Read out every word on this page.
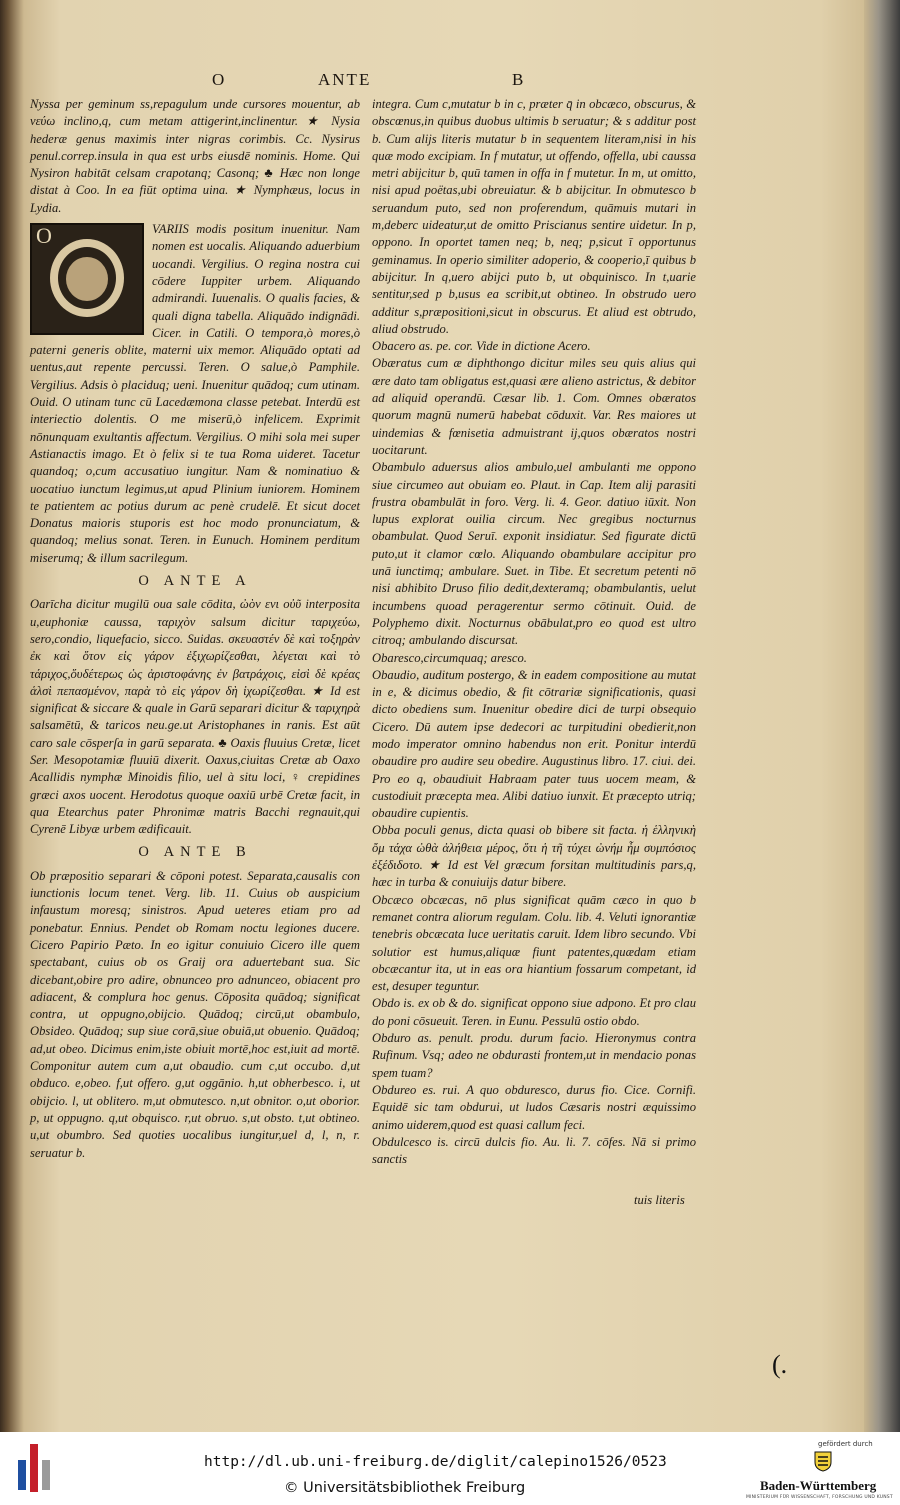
O	ANTE	B

Nyssa per geminum ss,repagulum unde cursores mouentur, ab νεύω inclino,q, cum metam attigerint,inclinentur. ★ Nysia hederæ genus maximis inter nigras corimbis. Cc. Nysirus penul.correp.insula in qua est urbs eiusdē nominis. Home. Qui Nysiron habitāt celsam crapotanq; Casonq; ♣ Hæc non longe distat à Coo. In ea fiūt optima uina. ★ Nymphæus, locus in Lydia.

O	VARIIS modis positum inuenitur. Nam nomen est uocalis. Aliquando aduerbium uocandi. Vergilius. O regina nostra cui cōdere Iuppiter urbem. Aliquando admirandi. Iuuenalis. O qualis facies, & quali digna tabella. Aliquādo indignādi. Cicer. in Catili. O tempora,ò mores,ò paterni generis oblite, materni uix memor. Aliquādo optati ad uentus,aut repente percussi. Teren. O salue,ò Pamphile. Vergilius. Adsis ò placiduq; ueni. Inuenitur quādoq; cum utinam. Ouid. O utinam tunc cū Lacedæmona classe petebat. Interdū est interiectio dolentis. O me miserū,ò infelicem. Exprimit nōnunquam exultantis affectum. Vergilius. O mihi sola mei super Astianactis imago. Et ò felix si te tua Roma uideret. Tacetur quandoq; o,cum accusatiuo iungitur. Nam & nominatiuo & uocatiuo iunctum legimus,ut apud Plinium iuniorem. Hominem te patientem ac potius durum ac penè crudelē. Et sicut docet Donatus maioris stuporis est hoc modo pronunciatum, & quandoq; melius sonat. Teren. in Eunuch. Hominem perditum miserumq; & illum sacrilegum.

O ANTE A

Oarīcha dicitur mugilū oua sale cōdita, ὠὸν ενι οὐῦ interposita u,euphoniæ caussa, ταριχὸν salsum dicitur ταριχεύω, sero,condio, liquefacio, sicco. Suidas. σκευαστέν δὲ καὶ τοξηρὰν ἐκ καὶ ὅτον εἰς γάρον ἐξιχωρίζεσθαι, λέγεται καὶ τὸ τάριχος,ὅυδέτερως ὡς ἀριστοφάνης ἐν βατράχοις, εἰσὶ δὲ κρέας ἁλσὶ πεπασμένον, παρὰ τὸ εἰς γάρον δὴ ἰχωρίζεσθαι. ★ Id est significat & siccare & quale in Garū separari dicitur & ταριχηρὰ salsamētū, & taricos neu.ge.ut Aristophanes in ranis. Est aūt caro sale cōsperſa in garū separata. ♣ Oaxis fluuius Cretæ, licet Ser. Mesopotamiæ fluuiū dixerit. Oaxus,ciuitas Cretæ ab Oaxo Acallidis nymphæ Minoidis filio, uel à situ loci, ♀ crepidines græci axos uocent. Herodotus quoque oaxiū urbē Cretæ facit, in qua Etearchus pater Phronimæ matris Bacchi regnauit,qui Cyrenē Libyæ urbem ædificauit.

O ANTE B

Ob præpositio separari & cōponi potest. Separata,causalis con iunctionis locum tenet. Verg. lib. 11. Cuius ob auspicium infaustum moresq; sinistros. Apud ueteres etiam pro ad ponebatur. Ennius. Pendet ob Romam noctu legiones ducere. Cicero Papirio Pæto. In eo igitur conuiuio Cicero ille quem spectabant, cuius ob os Graij ora aduertebant sua. Sic dicebant,obire pro adire, obnunceo pro adnunceo, obiacent pro adiacent, & complura hoc genus. Cōposita quādoq; significat contra, ut oppugno,obijcio. Quādoq; circū,ut obambulo, Obsideo. Quādoq; sup siue corā,siue obuiā,ut obuenio. Quādoq; ad,ut obeo. Dicimus enim,iste obiuit mortē,hoc est,iuit ad mortē. Componitur autem cum a,ut obaudio. cum c,ut occubo. d,ut obduco. e,obeo. f,ut offero. g,ut oggānio. h,ut obherbesco. i, ut obijcio. l, ut oblitero. m,ut obmutesco. n,ut obnitor. o,ut oborior. p, ut oppugno. q,ut obquisco. r,ut obruo. s,ut obsto. t,ut obtineo. u,ut obumbro. Sed quoties uocalibus iungitur,uel d, l, n, r. seruatur b.

integra. Cum c,mutatur b in c, præter q̄ in obcæco, obscurus, & obscœnus,in quibus duobus ultimis b seruatur; & s additur post b. Cum alijs literis mutatur b in sequentem literam,nisi in his quæ modo excipiam. In f mutatur, ut offendo, offella, ubi caussa metri abijcitur b, quū tamen in offa in f mutetur. In m, ut omitto, nisi apud poëtas,ubi obreuiatur. & b abijcitur. In obmutesco b seruandum puto, sed non proferendum, quāmuis mutari in m,deberc uideatur,ut de omitto Priscianus sentire uidetur. In p, oppono. In oportet tamen neq; b, neq; p,sicut ī opportunus geminamus. In operio similiter adoperio, & cooperio,ī quibus b abijcitur. In q,uero abijci puto b, ut obquinisco. In t,uarie sentitur,sed p b,usus ea scribit,ut obtineo. In obstrudo uero additur s,præpositioni,sicut in obscurus. Et aliud est obtrudo, aliud obstrudo.

Obacero as. pe. cor. Vide in dictione Acero.

Obæratus cum æ diphthongo dicitur miles seu quis alius qui ære dato tam obligatus est,quasi ære alieno astrictus, & debitor ad aliquid operandū. Cæsar lib. 1. Com. Omnes obæratos quorum magnū numerū habebat cōduxit. Var. Res maiores ut uindemias & fœnisetia admuistrant ij,quos obæratos nostri uocitarunt.

Obambulo aduersus alios ambulo,uel ambulanti me oppono siue circumeo aut obuiam eo. Plaut. in Cap. Item alij parasiti frustra obambulāt in foro. Verg. li. 4. Geor. datiuo iūxit. Non lupus explorat ouilia circum. Nec gregibus nocturnus obambulat. Quod Seruī. exponit insidiatur. Sed figurate dictū puto,ut it clamor cœlo. Aliquando obambulare accipitur pro unā iunctimq; ambulare. Suet. in Tibe. Et secretum petenti nō nisi abhibito Druso filio dedit,dexteramq; obambulantis, uelut incumbens quoad peragerentur sermo cōtinuit. Ouid. de Polyphemo dixit. Nocturnus obābulat,pro eo quod est ultro citroq; ambulando discursat.

Obaresco,circumquaq; aresco.

Obaudio, auditum postergo, & in eadem compositione au mutat in e, & dicimus obedio, & fit cōtrariæ significationis, quasi dicto obediens sum. Inuenitur obedire dici de turpi obsequio Cicero. Dū autem ipse dedecori ac turpitudini obedierit,non modo imperator omnino habendus non erit. Ponitur interdū obaudire pro audire seu obedire. Augustinus libro. 17. ciui. dei. Pro eo q, obaudiuit Habraam pater tuus uocem meam, & custodiuit præcepta mea. Alibi datiuo iunxit. Et præcepto utriq; obaudire cupientis.

Obba poculi genus, dicta quasi ob bibere sit facta. ἡ ἑλληνικὴ ὄμ τάχα ὠθὰ ἀλήθεια μέρος, ὅτι ἡ τῆ τύχει ὠνήμ ἦμ συμπόσιος ἐξέδιδοτο. ★ Id est Vel græcum forsitan multitudinis pars,q, hæc in turba & conuiuijs datur bibere.

Obcæco obcæcas, nō plus significat quām cæco in quo b remanet contra aliorum regulam. Colu. lib. 4. Veluti ignorantiæ tenebris obcæcata luce ueritatis caruit. Idem libro secundo. Vbi solutior est humus,aliquæ fiunt patentes,quædam etiam obcæcantur ita, ut in eas ora hiantium fossarum competant, id est, desuper teguntur.

Obdo is. ex ob & do. significat oppono siue adpono. Et pro clau do poni cōsueuit. Teren. in Eunu. Pessulū ostio obdo.

Obduro as. penult. produ. durum facio. Hieronymus contra Rufinum. Vsq; adeo ne obdurasti frontem,ut in mendacio ponas spem tuam?

Obdureo es. rui. A quo obduresco, durus fio. Cice. Cornifi. Equidē sic tam obdurui, ut ludos Cæsaris nostri æquissimo animo uiderem,quod est quasi callum feci.

Obdulcesco is. circū dulcis fio. Au. li. 7. cōfes. Nā si primo sanctis

tuis literis
(.
http://dl.ub.uni-freiburg.de/diglit/calepino1526/0523
© Universitätsbibliothek Freiburg
gefördert durch
Baden-Württemberg
MINISTERIUM FÜR WISSENSCHAFT, FORSCHUNG UND KUNST
